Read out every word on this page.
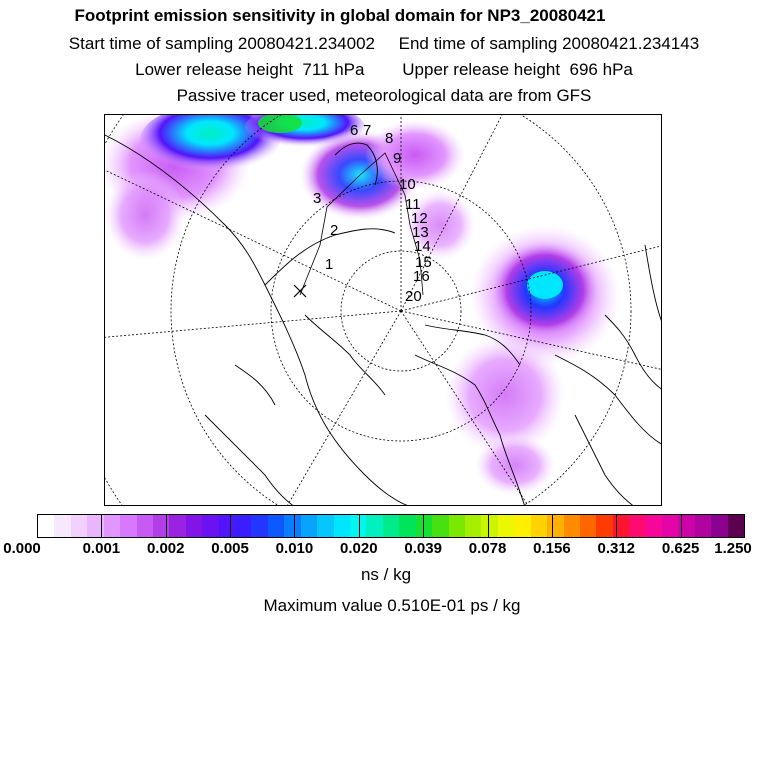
Footprint emission sensitivity in global domain for NP3_20080421
Start time of sampling 20080421.234002     End time of sampling 20080421.234143
Lower release height  711 hPa        Upper release height  696 hPa
Passive tracer used, meteorological data are from GFS
1
2
3
6 7 8
9
10
11
12
13
14
15
16
20
0.000	0.001 0.002 0.005 0.010 0.020 0.039 0.078 0.156 0.312 0.625 1.250
ns / kg
Maximum value 0.510E-01 ps / kg
